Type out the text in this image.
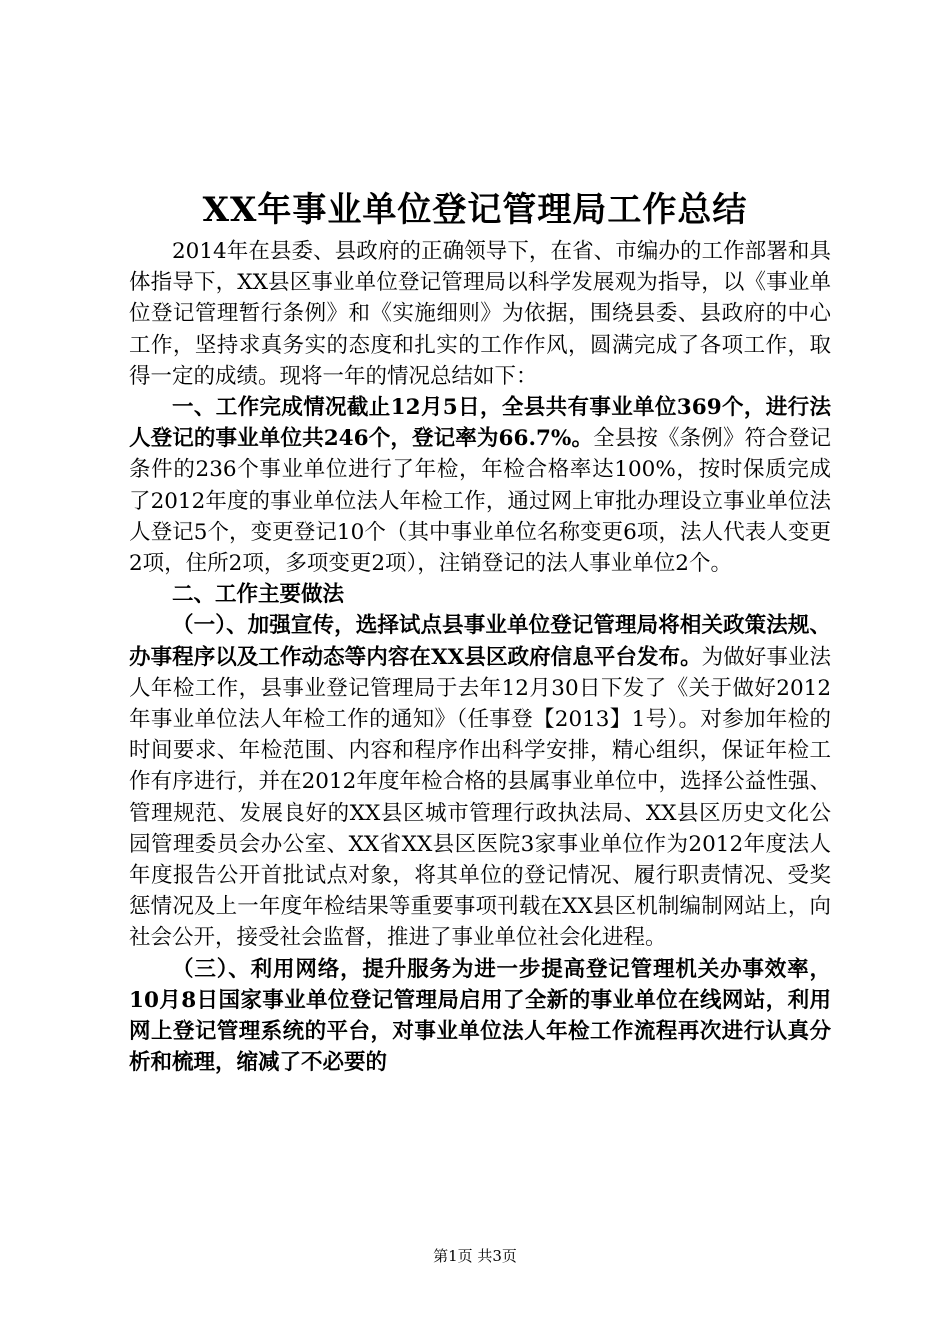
XX年事业单位登记管理局工作总结

2014年在县委、县政府的正确领导下，在省、市编办的工作部署和具体指导下，XX县区事业单位登记管理局以科学发展观为指导，以《事业单位登记管理暂行条例》和《实施细则》为依据，围绕县委、县政府的中心工作，坚持求真务实的态度和扎实的工作作风，圆满完成了各项工作，取得一定的成绩。现将一年的情况总结如下：

一、工作完成情况截止12月5日，全县共有事业单位369个，进行法人登记的事业单位共246个，登记率为66.7%。全县按《条例》符合登记条件的236个事业单位进行了年检，年检合格率达100%，按时保质完成了2012年度的事业单位法人年检工作，通过网上审批办理设立事业单位法人登记5个，变更登记10个（其中事业单位名称变更6项，法人代表人变更2项，住所2项，多项变更2项），注销登记的法人事业单位2个。

二、工作主要做法

（一）、加强宣传，选择试点县事业单位登记管理局将相关政策法规、办事程序以及工作动态等内容在XX县区政府信息平台发布。为做好事业法人年检工作，县事业登记管理局于去年12月30日下发了《关于做好2012年事业单位法人年检工作的通知》（任事登【2013】1号）。对参加年检的时间要求、年检范围、内容和程序作出科学安排，精心组织，保证年检工作有序进行，并在2012年度年检合格的县属事业单位中，选择公益性强、管理规范、发展良好的XX县区城市管理行政执法局、XX县区历史文化公园管理委员会办公室、XX省XX县区医院3家事业单位作为2012年度法人年度报告公开首批试点对象，将其单位的登记情况、履行职责情况、受奖惩情况及上一年度年检结果等重要事项刊载在XX县区机制编制网站上，向社会公开，接受社会监督，推进了事业单位社会化进程。

（三）、利用网络，提升服务为进一步提高登记管理机关办事效率，10月8日国家事业单位登记管理局启用了全新的事业单位在线网站，利用网上登记管理系统的平台，对事业单位法人年检工作流程再次进行认真分析和梳理，缩减了不必要的

第1页 共3页
